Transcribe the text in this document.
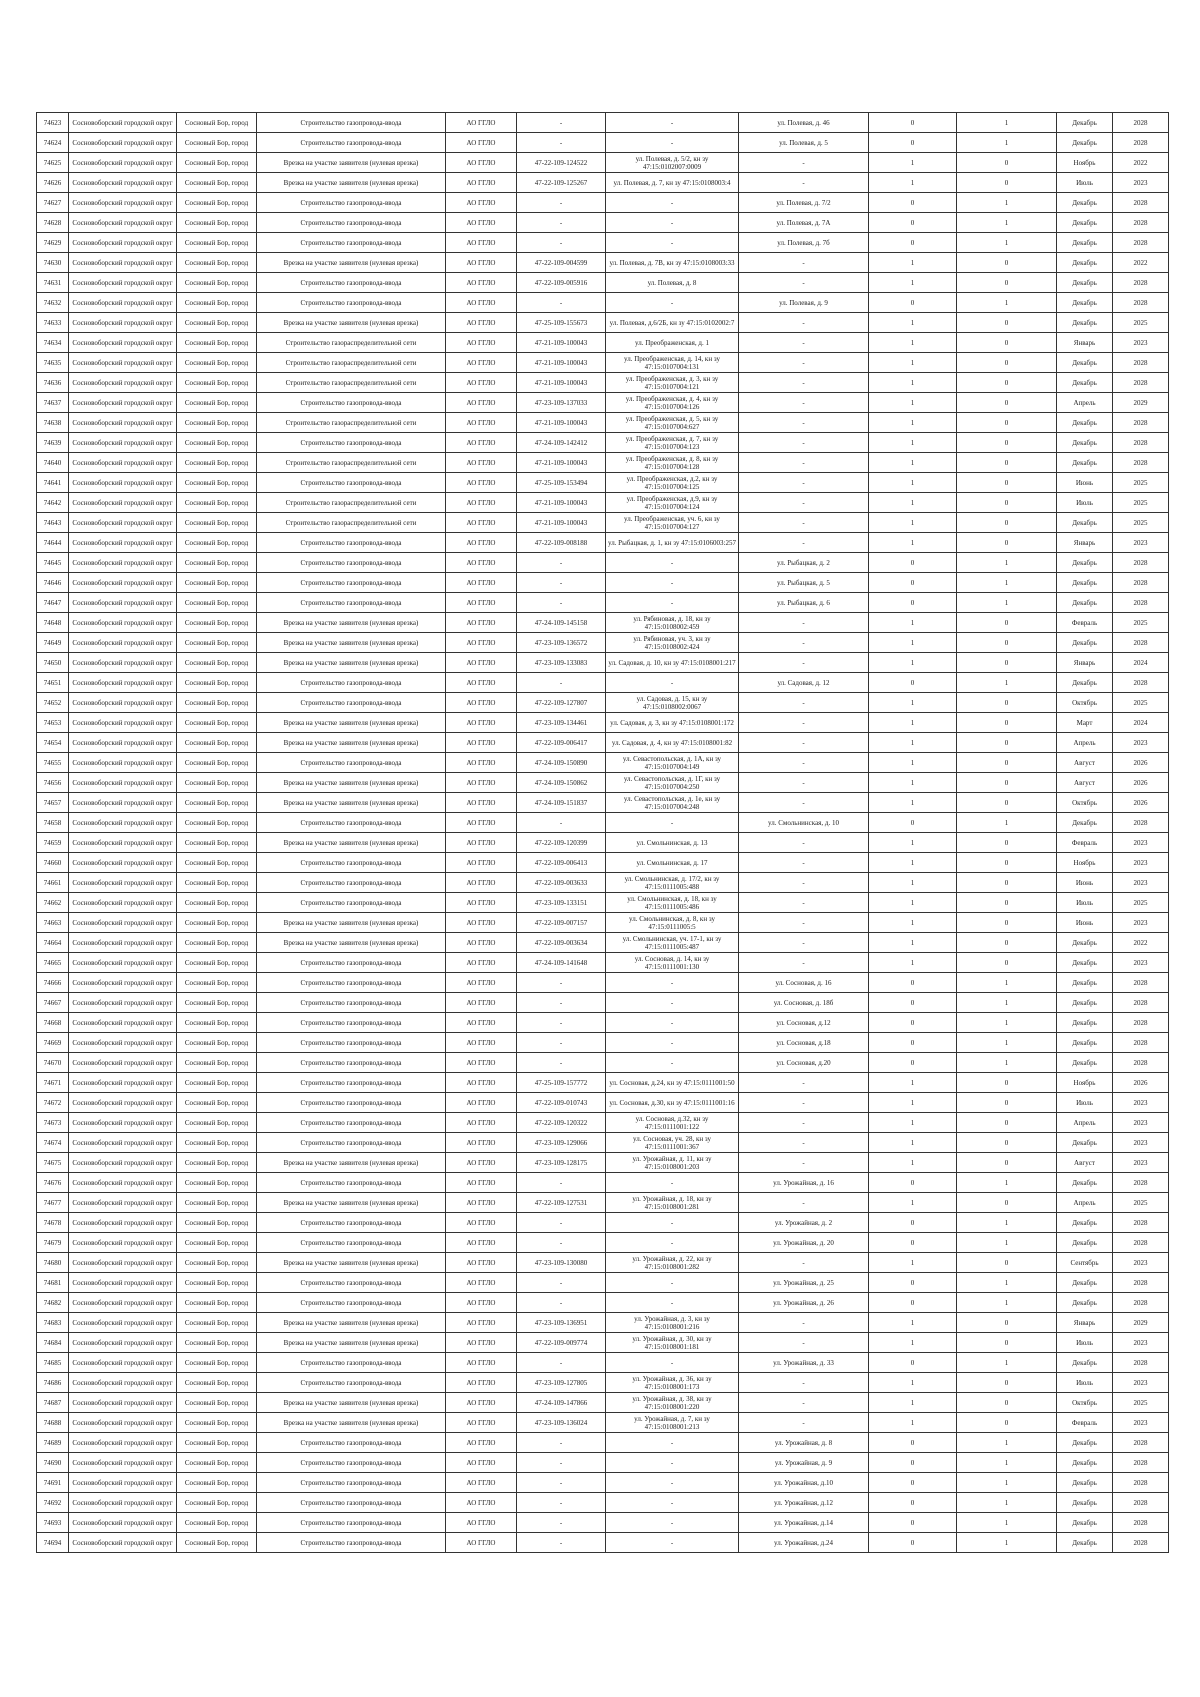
74623	Сосновоборский городской округ	Сосновый Бор, город	Строительство газопровода-ввода	АО ГГЛО	-	-	ул. Полевая, д. 46	0	1	Декабрь	2028
74624	Сосновоборский городской округ	Сосновый Бор, город	Строительство газопровода-ввода	АО ГГЛО	-	-	ул. Полевая, д. 5	0	1	Декабрь	2028
74625	Сосновоборский городской округ	Сосновый Бор, город	Врезка на участке заявителя (нулевая врезка)	АО ГГЛО	47-22-109-124522	ул. Полевая, д. 5/2, кн зу 47:15:0102007:0009	-	1	0	Ноябрь	2022
74626	Сосновоборский городской округ	Сосновый Бор, город	Врезка на участке заявителя (нулевая врезка)	АО ГГЛО	47-22-109-125267	ул. Полевая, д. 7, кн зу 47:15:0108003:4	-	1	0	Июль	2023
74627	Сосновоборский городской округ	Сосновый Бор, город	Строительство газопровода-ввода	АО ГГЛО	-	-	ул. Полевая, д. 7/2	0	1	Декабрь	2028
74628	Сосновоборский городской округ	Сосновый Бор, город	Строительство газопровода-ввода	АО ГГЛО	-	-	ул. Полевая, д. 7А	0	1	Декабрь	2028
74629	Сосновоборский городской округ	Сосновый Бор, город	Строительство газопровода-ввода	АО ГГЛО	-	-	ул. Полевая, д. 7б	0	1	Декабрь	2028
74630	Сосновоборский городской округ	Сосновый Бор, город	Врезка на участке заявителя (нулевая врезка)	АО ГГЛО	47-22-109-004599	ул. Полевая, д. 7В, кн зу 47:15:0108003:33	-	1	0	Декабрь	2022
74631	Сосновоборский городской округ	Сосновый Бор, город	Строительство газопровода-ввода	АО ГГЛО	47-22-109-005916	ул. Полевая, д. 8	-	1	0	Декабрь	2028
74632	Сосновоборский городской округ	Сосновый Бор, город	Строительство газопровода-ввода	АО ГГЛО	-	-	ул. Полевая, д. 9	0	1	Декабрь	2028
74633	Сосновоборский городской округ	Сосновый Бор, город	Врезка на участке заявителя (нулевая врезка)	АО ГГЛО	47-25-109-155673	ул. Полевая, д.6/2Б, кн зу 47:15:0102002:7	-	1	0	Декабрь	2025
74634	Сосновоборский городской округ	Сосновый Бор, город	Строительство газораспределительной сети	АО ГГЛО	47-21-109-100043	ул. Преображенская, д. 1	-	1	0	Январь	2023
74635	Сосновоборский городской округ	Сосновый Бор, город	Строительство газораспределительной сети	АО ГГЛО	47-21-109-100043	ул. Преображенская, д. 14, кн зу 47:15:0107004:131	-	1	0	Декабрь	2028
74636	Сосновоборский городской округ	Сосновый Бор, город	Строительство газораспределительной сети	АО ГГЛО	47-21-109-100043	ул. Преображенская, д. 3, кн зу 47:15:0107004:121	-	1	0	Декабрь	2028
74637	Сосновоборский городской округ	Сосновый Бор, город	Строительство газопровода-ввода	АО ГГЛО	47-23-109-137033	ул. Преображенская, д. 4, кн зу 47:15:0107004:126	-	1	0	Апрель	2029
74638	Сосновоборский городской округ	Сосновый Бор, город	Строительство газораспределительной сети	АО ГГЛО	47-21-109-100043	ул. Преображенская, д. 5, кн зу 47:15:0107004:627	-	1	0	Декабрь	2028
74639	Сосновоборский городской округ	Сосновый Бор, город	Строительство газопровода-ввода	АО ГГЛО	47-24-109-142412	ул. Преображенская, д. 7, кн зу 47:15:0107004:123	-	1	0	Декабрь	2028
74640	Сосновоборский городской округ	Сосновый Бор, город	Строительство газораспределительной сети	АО ГГЛО	47-21-109-100043	ул. Преображенская, д. 8, кн зу 47:15:0107004:128	-	1	0	Декабрь	2028
74641	Сосновоборский городской округ	Сосновый Бор, город	Строительство газопровода-ввода	АО ГГЛО	47-25-109-153494	ул. Преображенская, д.2, кн зу 47:15:0107004:125	-	1	0	Июнь	2025
74642	Сосновоборский городской округ	Сосновый Бор, город	Строительство газораспределительной сети	АО ГГЛО	47-21-109-100043	ул. Преображенская, д.9, кн зу 47:15:0107004:124	-	1	0	Июль	2025
74643	Сосновоборский городской округ	Сосновый Бор, город	Строительство газораспределительной сети	АО ГГЛО	47-21-109-100043	ул. Преображенская, уч. 6, кн зу 47:15:0107004:127	-	1	0	Декабрь	2025
74644	Сосновоборский городской округ	Сосновый Бор, город	Строительство газопровода-ввода	АО ГГЛО	47-22-109-008188	ул. Рыбацкая, д. 1, кн зу 47:15:0106003:257	-	1	0	Январь	2023
74645	Сосновоборский городской округ	Сосновый Бор, город	Строительство газопровода-ввода	АО ГГЛО	-	-	ул. Рыбацкая, д. 2	0	1	Декабрь	2028
74646	Сосновоборский городской округ	Сосновый Бор, город	Строительство газопровода-ввода	АО ГГЛО	-	-	ул. Рыбацкая, д. 5	0	1	Декабрь	2028
74647	Сосновоборский городской округ	Сосновый Бор, город	Строительство газопровода-ввода	АО ГГЛО	-	-	ул. Рыбацкая, д. 6	0	1	Декабрь	2028
74648	Сосновоборский городской округ	Сосновый Бор, город	Врезка на участке заявителя (нулевая врезка)	АО ГГЛО	47-24-109-145158	ул. Рябиновая, д. 18, кн зу 47:15:0108002:459	-	1	0	Февраль	2025
74649	Сосновоборский городской округ	Сосновый Бор, город	Врезка на участке заявителя (нулевая врезка)	АО ГГЛО	47-23-109-136572	ул. Рябиновая, уч. 3, кн зу 47:15:0108002:424	-	1	0	Декабрь	2028
74650	Сосновоборский городской округ	Сосновый Бор, город	Врезка на участке заявителя (нулевая врезка)	АО ГГЛО	47-23-109-133083	ул. Садовая, д. 10, кн зу 47:15:0108001:217	-	1	0	Январь	2024
74651	Сосновоборский городской округ	Сосновый Бор, город	Строительство газопровода-ввода	АО ГГЛО	-	-	ул. Садовая, д. 12	0	1	Декабрь	2028
74652	Сосновоборский городской округ	Сосновый Бор, город	Строительство газопровода-ввода	АО ГГЛО	47-22-109-127807	ул. Садовая, д. 15, кн зу 47:15:0108002:0067	-	1	0	Октябрь	2025
74653	Сосновоборский городской округ	Сосновый Бор, город	Врезка на участке заявителя (нулевая врезка)	АО ГГЛО	47-23-109-134461	ул. Садовая, д. 3, кн зу 47:15:0108001:172	-	1	0	Март	2024
74654	Сосновоборский городской округ	Сосновый Бор, город	Врезка на участке заявителя (нулевая врезка)	АО ГГЛО	47-22-109-006417	ул. Садовая, д. 4, кн зу 47:15:0108001:82	-	1	0	Апрель	2023
74655	Сосновоборский городской округ	Сосновый Бор, город	Строительство газопровода-ввода	АО ГГЛО	47-24-109-150890	ул. Севастопольская, д. 1А, кн зу 47:15:0107004:149	-	1	0	Август	2026
74656	Сосновоборский городской округ	Сосновый Бор, город	Врезка на участке заявителя (нулевая врезка)	АО ГГЛО	47-24-109-150862	ул. Севастопольская, д. 1Г, кн зу 47:15:0107004:250	-	1	0	Август	2026
74657	Сосновоборский городской округ	Сосновый Бор, город	Врезка на участке заявителя (нулевая врезка)	АО ГГЛО	47-24-109-151837	ул. Севастопольская, д. 1е, кн зу 47:15:0107004:248	-	1	0	Октябрь	2026
74658	Сосновоборский городской округ	Сосновый Бор, город	Строительство газопровода-ввода	АО ГГЛО	-	-	ул. Смольнинская, д. 10	0	1	Декабрь	2028
74659	Сосновоборский городской округ	Сосновый Бор, город	Врезка на участке заявителя (нулевая врезка)	АО ГГЛО	47-22-109-120399	ул. Смольнинская, д. 13	-	1	0	Февраль	2023
74660	Сосновоборский городской округ	Сосновый Бор, город	Строительство газопровода-ввода	АО ГГЛО	47-22-109-006413	ул. Смольнинская, д. 17	-	1	0	Ноябрь	2023
74661	Сосновоборский городской округ	Сосновый Бор, город	Строительство газопровода-ввода	АО ГГЛО	47-22-109-003633	ул. Смольнинская, д. 17/2, кн зу 47:15:0111005:488	-	1	0	Июнь	2023
74662	Сосновоборский городской округ	Сосновый Бор, город	Строительство газопровода-ввода	АО ГГЛО	47-23-109-133151	ул. Смольнинская, д. 18, кн зу 47:15:0111005:486	-	1	0	Июль	2025
74663	Сосновоборский городской округ	Сосновый Бор, город	Врезка на участке заявителя (нулевая врезка)	АО ГГЛО	47-22-109-007157	ул. Смольнинская, д. 8, кн зу 47:15:0111005:5	-	1	0	Июнь	2023
74664	Сосновоборский городской округ	Сосновый Бор, город	Врезка на участке заявителя (нулевая врезка)	АО ГГЛО	47-22-109-003634	ул. Смольнинская, уч. 17-1, кн зу 47:15:0111005:487	-	1	0	Декабрь	2022
74665	Сосновоборский городской округ	Сосновый Бор, город	Строительство газопровода-ввода	АО ГГЛО	47-24-109-141648	ул. Сосновая, д. 14, кн зу 47:15:0111001:130	-	1	0	Декабрь	2023
74666	Сосновоборский городской округ	Сосновый Бор, город	Строительство газопровода-ввода	АО ГГЛО	-	-	ул. Сосновая, д. 16	0	1	Декабрь	2028
74667	Сосновоборский городской округ	Сосновый Бор, город	Строительство газопровода-ввода	АО ГГЛО	-	-	ул. Сосновая, д. 18б	0	1	Декабрь	2028
74668	Сосновоборский городской округ	Сосновый Бор, город	Строительство газопровода-ввода	АО ГГЛО	-	-	ул. Сосновая, д.12	0	1	Декабрь	2028
74669	Сосновоборский городской округ	Сосновый Бор, город	Строительство газопровода-ввода	АО ГГЛО	-	-	ул. Сосновая, д.18	0	1	Декабрь	2028
74670	Сосновоборский городской округ	Сосновый Бор, город	Строительство газопровода-ввода	АО ГГЛО	-	-	ул. Сосновая, д.20	0	1	Декабрь	2028
74671	Сосновоборский городской округ	Сосновый Бор, город	Строительство газопровода-ввода	АО ГГЛО	47-25-109-157772	ул. Сосновая, д.24, кн зу 47:15:0111001:50	-	1	0	Ноябрь	2026
74672	Сосновоборский городской округ	Сосновый Бор, город	Строительство газопровода-ввода	АО ГГЛО	47-22-109-010743	ул. Сосновая, д.30, кн зу 47:15:0111001:16	-	1	0	Июль	2023
74673	Сосновоборский городской округ	Сосновый Бор, город	Строительство газопровода-ввода	АО ГГЛО	47-22-109-120322	ул. Сосновая, д.32, кн зу 47:15:0111001:122	-	1	0	Апрель	2023
74674	Сосновоборский городской округ	Сосновый Бор, город	Строительство газопровода-ввода	АО ГГЛО	47-23-109-129066	ул. Сосновая, уч. 28, кн зу 47:15:0111001:367	-	1	0	Декабрь	2023
74675	Сосновоборский городской округ	Сосновый Бор, город	Врезка на участке заявителя (нулевая врезка)	АО ГГЛО	47-23-109-128175	ул. Урожайная, д. 11, кн зу 47:15:0108001:203	-	1	0	Август	2023
74676	Сосновоборский городской округ	Сосновый Бор, город	Строительство газопровода-ввода	АО ГГЛО	-	-	ул. Урожайная, д. 16	0	1	Декабрь	2028
74677	Сосновоборский городской округ	Сосновый Бор, город	Врезка на участке заявителя (нулевая врезка)	АО ГГЛО	47-22-109-127531	ул. Урожайная, д. 18, кн зу 47:15:0108001:281	-	1	0	Апрель	2025
74678	Сосновоборский городской округ	Сосновый Бор, город	Строительство газопровода-ввода	АО ГГЛО	-	-	ул. Урожайная, д. 2	0	1	Декабрь	2028
74679	Сосновоборский городской округ	Сосновый Бор, город	Строительство газопровода-ввода	АО ГГЛО	-	-	ул. Урожайная, д. 20	0	1	Декабрь	2028
74680	Сосновоборский городской округ	Сосновый Бор, город	Врезка на участке заявителя (нулевая врезка)	АО ГГЛО	47-23-109-130080	ул. Урожайная, д. 22, кн зу 47:15:0108001:282	-	1	0	Сентябрь	2023
74681	Сосновоборский городской округ	Сосновый Бор, город	Строительство газопровода-ввода	АО ГГЛО	-	-	ул. Урожайная, д. 25	0	1	Декабрь	2028
74682	Сосновоборский городской округ	Сосновый Бор, город	Строительство газопровода-ввода	АО ГГЛО	-	-	ул. Урожайная, д. 26	0	1	Декабрь	2028
74683	Сосновоборский городской округ	Сосновый Бор, город	Врезка на участке заявителя (нулевая врезка)	АО ГГЛО	47-23-109-136951	ул. Урожайная, д. 3, кн зу 47:15:0108001:216	-	1	0	Январь	2029
74684	Сосновоборский городской округ	Сосновый Бор, город	Врезка на участке заявителя (нулевая врезка)	АО ГГЛО	47-22-109-009774	ул. Урожайная, д. 30, кн зу 47:15:0108001:181	-	1	0	Июль	2023
74685	Сосновоборский городской округ	Сосновый Бор, город	Строительство газопровода-ввода	АО ГГЛО	-	-	ул. Урожайная, д. 33	0	1	Декабрь	2028
74686	Сосновоборский городской округ	Сосновый Бор, город	Строительство газопровода-ввода	АО ГГЛО	47-23-109-127805	ул. Урожайная, д. 36, кн зу 47:15:0108001:173	-	1	0	Июль	2023
74687	Сосновоборский городской округ	Сосновый Бор, город	Врезка на участке заявителя (нулевая врезка)	АО ГГЛО	47-24-109-147866	ул. Урожайная, д. 38, кн зу 47:15:0108001:220	-	1	0	Октябрь	2025
74688	Сосновоборский городской округ	Сосновый Бор, город	Врезка на участке заявителя (нулевая врезка)	АО ГГЛО	47-23-109-136024	ул. Урожайная, д. 7, кн зу 47:15:0108001:213	-	1	0	Февраль	2023
74689	Сосновоборский городской округ	Сосновый Бор, город	Строительство газопровода-ввода	АО ГГЛО	-	-	ул. Урожайная, д. 8	0	1	Декабрь	2028
74690	Сосновоборский городской округ	Сосновый Бор, город	Строительство газопровода-ввода	АО ГГЛО	-	-	ул. Урожайная, д. 9	0	1	Декабрь	2028
74691	Сосновоборский городской округ	Сосновый Бор, город	Строительство газопровода-ввода	АО ГГЛО	-	-	ул. Урожайная, д.10	0	1	Декабрь	2028
74692	Сосновоборский городской округ	Сосновый Бор, город	Строительство газопровода-ввода	АО ГГЛО	-	-	ул. Урожайная, д.12	0	1	Декабрь	2028
74693	Сосновоборский городской округ	Сосновый Бор, город	Строительство газопровода-ввода	АО ГГЛО	-	-	ул. Урожайная, д.14	0	1	Декабрь	2028
74694	Сосновоборский городской округ	Сосновый Бор, город	Строительство газопровода-ввода	АО ГГЛО	-	-	ул. Урожайная, д.24	0	1	Декабрь	2028
